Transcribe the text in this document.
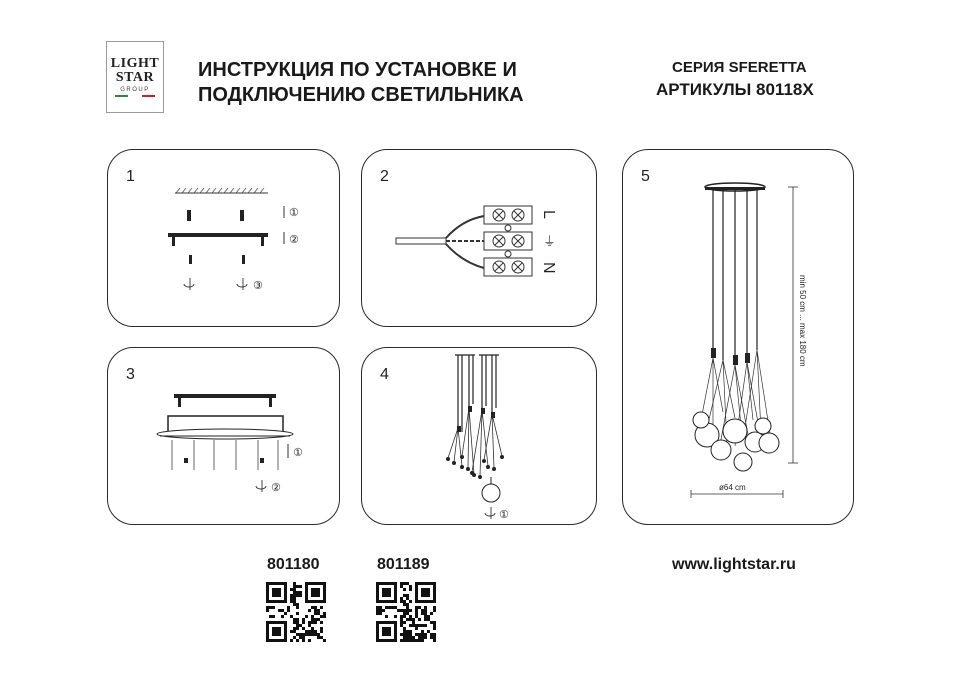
LIGHT
STAR
GROUP
ИНСТРУКЦИЯ ПО УСТАНОВКЕ И
ПОДКЛЮЧЕНИЮ СВЕТИЛЬНИКА
СЕРИЯ SFERETTA
АРТИКУЛЫ 80118X
1
①
②
③
2
L
⏚
N
3
①
②
4
①
5
min 50 cm ... max 180 cm
ø64 cm
801180	801189	www.lightstar.ru
